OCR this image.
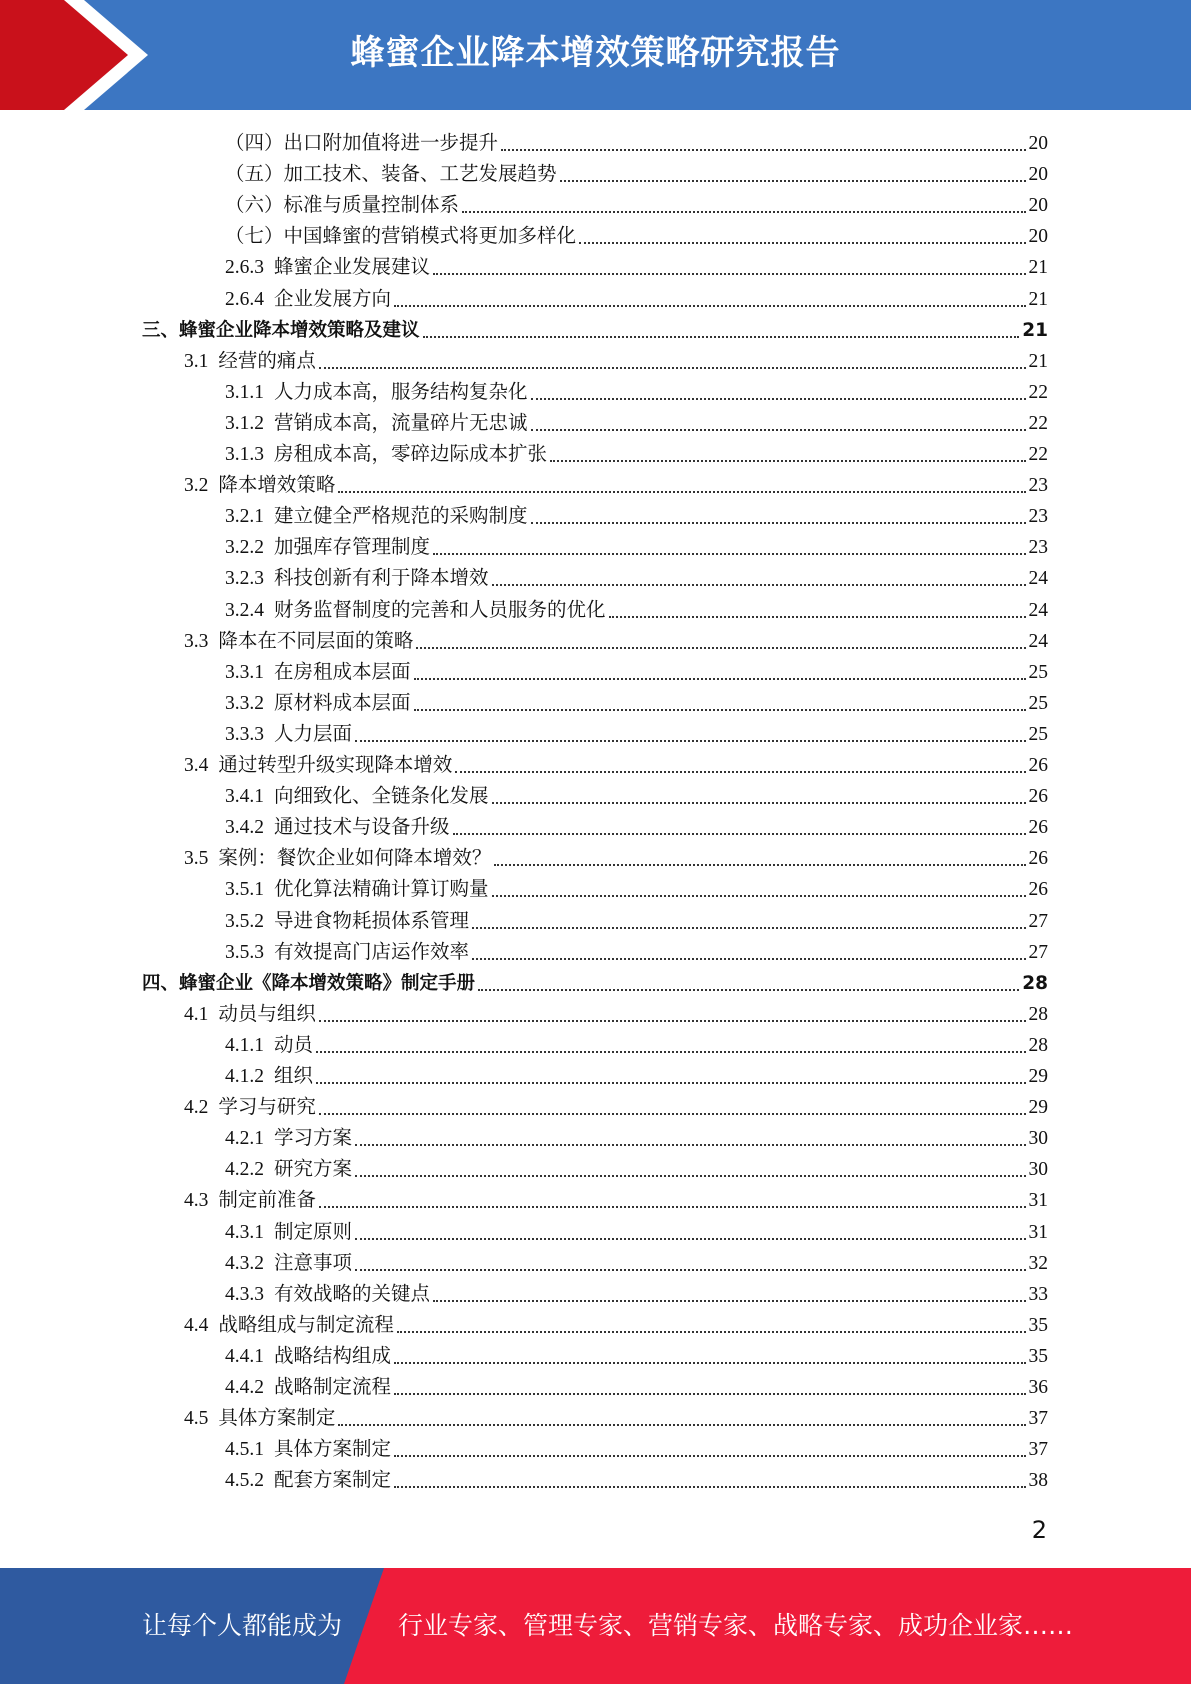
蜂蜜企业降本增效策略研究报告
（四）出口附加值将进一步提升	20
（五）加工技术、装备、工艺发展趋势	20
（六）标准与质量控制体系	20
（七）中国蜂蜜的营销模式将更加多样化	20
2.6.3 蜂蜜企业发展建议	21
2.6.4 企业发展方向	21
三、蜂蜜企业降本增效策略及建议	21
3.1 经营的痛点	21
3.1.1 人力成本高，服务结构复杂化	22
3.1.2 营销成本高，流量碎片无忠诚	22
3.1.3 房租成本高，零碎边际成本扩张	22
3.2 降本增效策略	23
3.2.1 建立健全严格规范的采购制度	23
3.2.2 加强库存管理制度	23
3.2.3 科技创新有利于降本增效	24
3.2.4 财务监督制度的完善和人员服务的优化	24
3.3 降本在不同层面的策略	24
3.3.1 在房租成本层面	25
3.3.2 原材料成本层面	25
3.3.3 人力层面	25
3.4 通过转型升级实现降本增效	26
3.4.1 向细致化、全链条化发展	26
3.4.2 通过技术与设备升级	26
3.5 案例：餐饮企业如何降本增效？	26
3.5.1 优化算法精确计算订购量	26
3.5.2 导进食物耗损体系管理	27
3.5.3 有效提高门店运作效率	27
四、蜂蜜企业《降本增效策略》制定手册	28
4.1 动员与组织	28
4.1.1 动员	28
4.1.2 组织	29
4.2 学习与研究	29
4.2.1 学习方案	30
4.2.2 研究方案	30
4.3 制定前准备	31
4.3.1 制定原则	31
4.3.2 注意事项	32
4.3.3 有效战略的关键点	33
4.4 战略组成与制定流程	35
4.4.1 战略结构组成	35
4.4.2 战略制定流程	36
4.5 具体方案制定	37
4.5.1 具体方案制定	37
4.5.2 配套方案制定	38
2
让每个人都能成为 行业专家、管理专家、营销专家、战略专家、成功企业家……
